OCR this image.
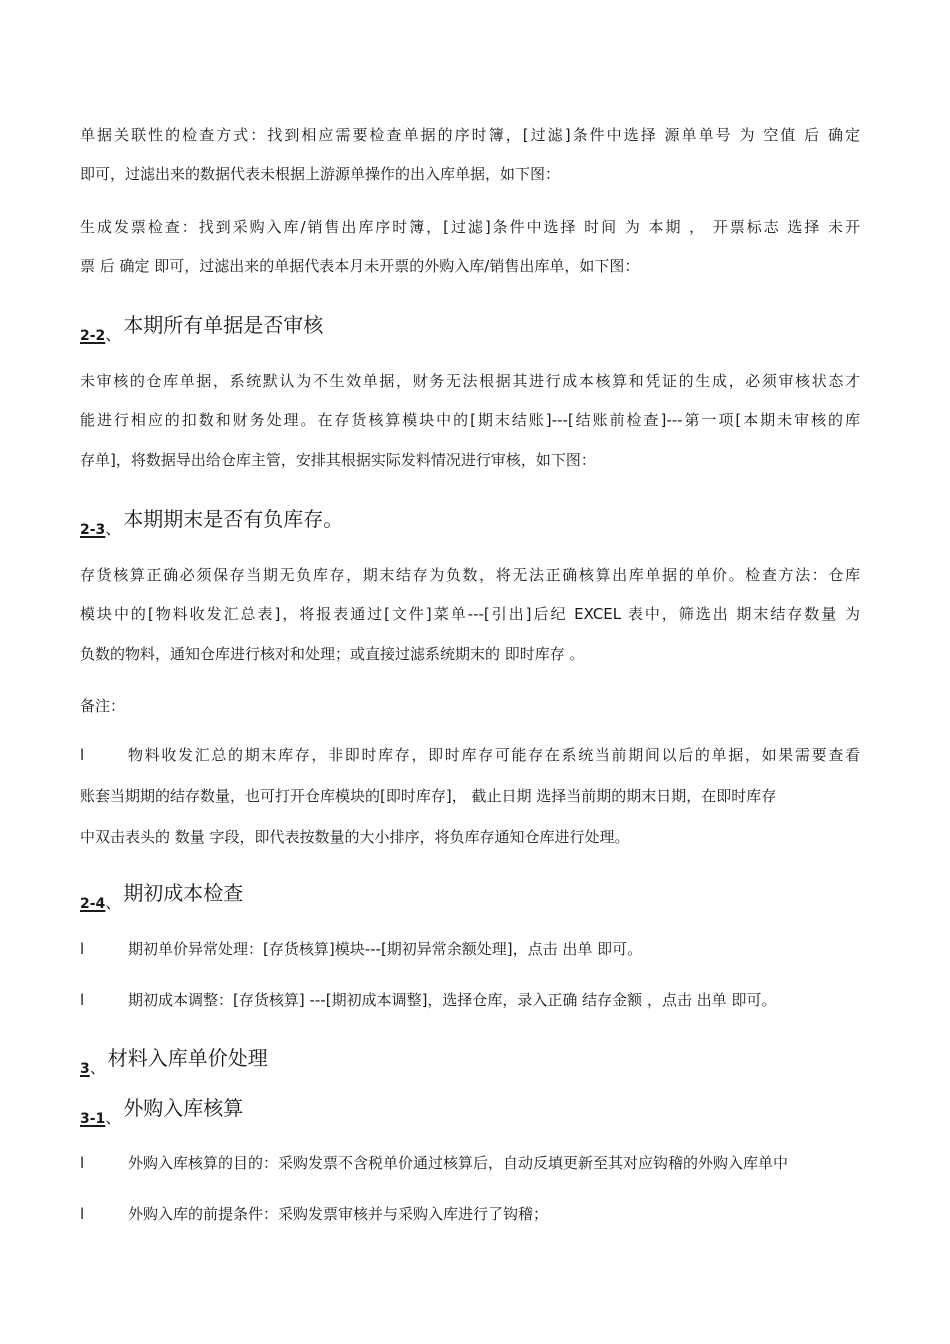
单据关联性的检查方式：找到相应需要检查单据的序时簿，[过滤]条件中选择 源单单号 为 空值 后 确定
即可，过滤出来的数据代表未根据上游源单操作的出入库单据，如下图：
生成发票检查：找到采购入库/销售出库序时簿，[过滤]条件中选择 时间 为 本期 ， 开票标志 选择 未开
票 后 确定 即可，过滤出来的单据代表本月未开票的外购入库/销售出库单，如下图：
2-2、 本期所有单据是否审核
未审核的仓库单据，系统默认为不生效单据，财务无法根据其进行成本核算和凭证的生成，必须审核状态才
能进行相应的扣数和财务处理。在存货核算模块中的[期末结账]---[结账前检查]---第一项[本期未审核的库
存单]，将数据导出给仓库主管，安排其根据实际发料情况进行审核，如下图：
2-3、 本期期末是否有负库存。
存货核算正确必须保存当期无负库存，期末结存为负数，将无法正确核算出库单据的单价。检查方法：仓库
模块中的[物料收发汇总表]，将报表通过[文件]菜单---[引出]后纪 EXCEL 表中，筛选出 期末结存数量 为
负数的物料，通知仓库进行核对和处理；或直接过滤系统期末的 即时库存 。
备注：
l	物料收发汇总的期末库存，非即时库存，即时库存可能存在系统当前期间以后的单据，如果需要查看
账套当期期的结存数量，也可打开仓库模块的[即时库存]， 截止日期 选择当前期的期末日期，在即时库存
中双击表头的 数量 字段，即代表按数量的大小排序，将负库存通知仓库进行处理。
2-4、 期初成本检查
l	期初单价异常处理：[存货核算]模块---[期初异常余额处理]，点击 出单 即可。
l	期初成本调整：[存货核算] ---[期初成本调整]，选择仓库，录入正确 结存金额 ，点击 出单 即可。
3、 材料入库单价处理
3-1、 外购入库核算
l	外购入库核算的目的：采购发票不含税单价通过核算后，自动反填更新至其对应钩稽的外购入库单中
l	外购入库的前提条件：采购发票审核并与采购入库进行了钩稽；
